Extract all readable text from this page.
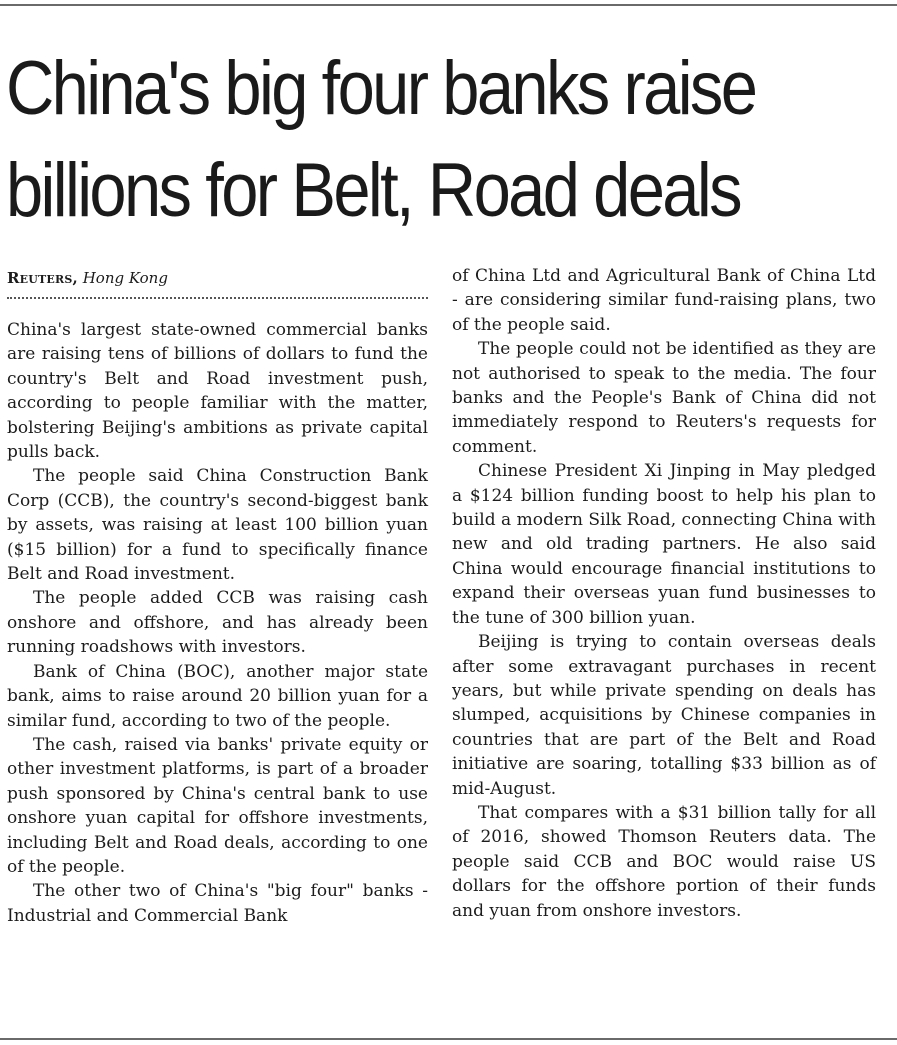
China's big four banks raise
billions for Belt, Road deals
Reuters, Hong Kong

China's largest state-owned commercial banks are raising tens of billions of dollars to fund the country's Belt and Road investment push, according to people familiar with the matter, bolstering Beijing's ambitions as private capital pulls back.

The people said China Construction Bank Corp (CCB), the country's second-biggest bank by assets, was raising at least 100 billion yuan ($15 billion) for a fund to specifically finance Belt and Road investment.

The people added CCB was raising cash onshore and offshore, and has already been running roadshows with investors.

Bank of China (BOC), another major state bank, aims to raise around 20 billion yuan for a similar fund, according to two of the people.

The cash, raised via banks' private equity or other investment platforms, is part of a broader push sponsored by China's central bank to use onshore yuan capital for offshore investments, including Belt and Road deals, according to one of the people.

The other two of China's "big four" banks - Industrial and Commercial Bank

of China Ltd and Agricultural Bank of China Ltd - are considering similar fund-raising plans, two of the people said.

The people could not be identified as they are not authorised to speak to the media. The four banks and the People's Bank of China did not immediately respond to Reuters's requests for comment.

Chinese President Xi Jinping in May pledged a $124 billion funding boost to help his plan to build a modern Silk Road, connecting China with new and old trading partners. He also said China would encourage financial institutions to expand their overseas yuan fund businesses to the tune of 300 billion yuan.

Beijing is trying to contain overseas deals after some extravagant purchases in recent years, but while private spending on deals has slumped, acquisitions by Chinese companies in countries that are part of the Belt and Road initiative are soaring, totalling $33 billion as of mid-August.

That compares with a $31 billion tally for all of 2016, showed Thomson Reuters data. The people said CCB and BOC would raise US dollars for the offshore portion of their funds and yuan from onshore investors.
